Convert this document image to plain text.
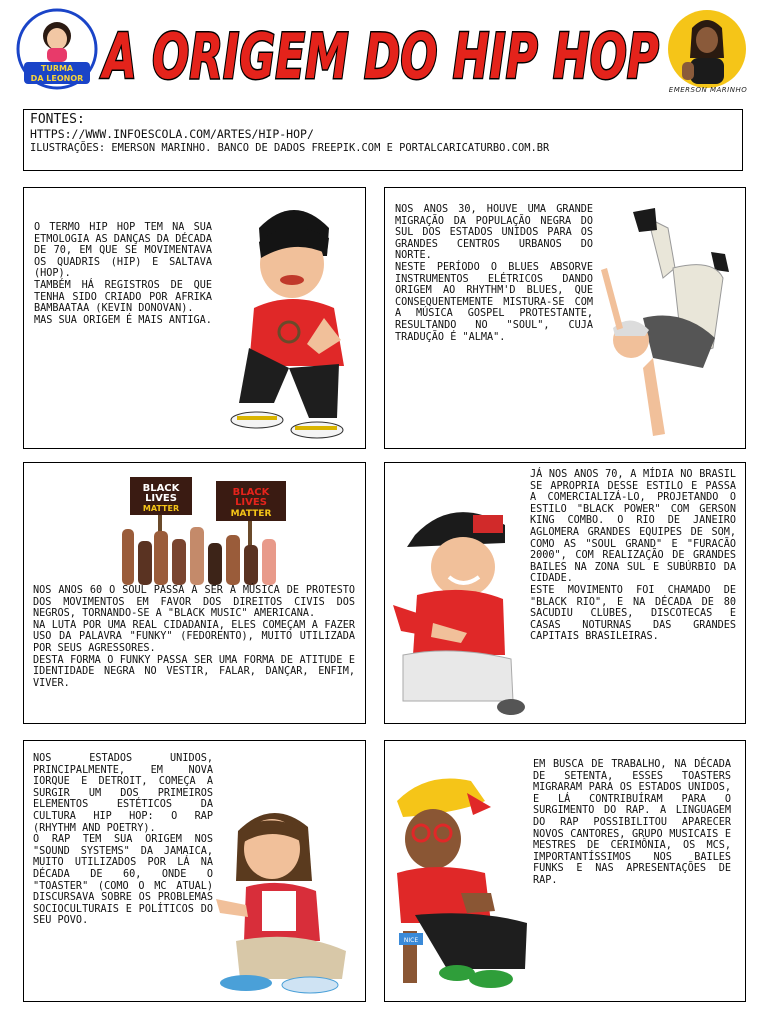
TURMA
DA LEONOR A ORIGEM DO HIP HOP	EMERSON MARINHO
FONTES:
HTTPS://WWW.INFOESCOLA.COM/ARTES/HIP-HOP/
ILUSTRAÇÕES: EMERSON MARINHO. BANCO DE DADOS FREEPIK.COM E PORTALCARICATURBO.COM.BR

O TERMO HIP HOP TEM NA SUA ETMOLOGIA AS DANÇAS DA DÉCADA DE 70, EM QUE SE MOVIMENTAVA OS QUADRIS (HIP) E SALTAVA (HOP).

TAMBÉM HÁ REGISTROS DE QUE TENHA SIDO CRIADO POR AFRIKA BAMBAATAA (KEVIN DONOVAN).

MAS SUA ORIGEM É MAIS ANTIGA.

NOS ANOS 30, HOUVE UMA GRANDE MIGRAÇÃO DA POPULAÇÃO NEGRA DO SUL DOS ESTADOS UNIDOS PARA OS GRANDES CENTROS URBANOS DO NORTE.

NESTE PERÍODO O BLUES ABSORVE INSTRUMENTOS ELÉTRICOS DANDO ORIGEM AO RHYTHM'D BLUES, QUE CONSEQUENTEMENTE MISTURA-SE COM A MÚSICA GOSPEL PROTESTANTE, RESULTANDO NO "SOUL", CUJA TRADUÇÃO É "ALMA".

BLACK
LIVES
MATTER
BLACK
LIVES
MATTER

NOS ANOS 60 O SOUL PASSA A SER A MÚSICA DE PROTESTO DOS MOVIMENTOS EM FAVOR DOS DIREITOS CIVIS DOS NEGROS, TORNANDO-SE A "BLACK MUSIC" AMERICANA.

NA LUTA POR UMA REAL CIDADANIA, ELES COMEÇAM A FAZER USO DA PALAVRA "FUNKY" (FEDORENTO), MUITO UTILIZADA POR SEUS AGRESSORES.

DESTA FORMA O FUNKY PASSA SER UMA FORMA DE ATITUDE E IDENTIDADE NEGRA NO VESTIR, FALAR, DANÇAR, ENFIM, VIVER.

JÁ NOS ANOS 70, A MÍDIA NO BRASIL SE APROPRIA DESSE ESTILO E PASSA A COMERCIALIZÁ-LO, PROJETANDO O ESTILO "BLACK POWER" COM GERSON KING COMBO. O RIO DE JANEIRO AGLOMERA GRANDES EQUIPES DE SOM, COMO AS "SOUL GRAND" E "FURACÃO 2000", COM REALIZAÇÃO DE GRANDES BAILES NA ZONA SUL E SUBÚRBIO DA CIDADE.

ESTE MOVIMENTO FOI CHAMADO DE "BLACK RIO", E NA DÉCADA DE 80 SACUDIU CLUBES, DISCOTECAS E CASAS NOTURNAS DAS GRANDES CAPITAIS BRASILEIRAS.

NOS ESTADOS UNIDOS, PRINCIPALMENTE, EM NOVA IORQUE E DETROIT, COMEÇA A SURGIR UM DOS PRIMEIROS ELEMENTOS ESTÉTICOS DA CULTURA HIP HOP: O RAP (RHYTHM AND POETRY).

O RAP TEM SUA ORIGEM NOS "SOUND SYSTEMS" DA JAMAICA, MUITO UTILIZADOS POR LÁ NA DÉCADA DE 60, ONDE O "TOASTER" (COMO O MC ATUAL) DISCURSAVA SOBRE OS PROBLEMAS SOCIOCULTURAIS E POLÍTICOS DO SEU POVO.

NICE

EM BUSCA DE TRABALHO, NA DÉCADA DE SETENTA, ESSES TOASTERS MIGRARAM PARA OS ESTADOS UNIDOS, E LÁ CONTRIBUÍRAM PARA O SURGIMENTO DO RAP. A LINGUAGEM DO RAP POSSIBILITOU APARECER NOVOS CANTORES, GRUPO MUSICAIS E MESTRES DE CERIMÔNIA, OS MCS, IMPORTANTÍSSIMOS NOS BAILES FUNKS E NAS APRESENTAÇÕES DE RAP.
